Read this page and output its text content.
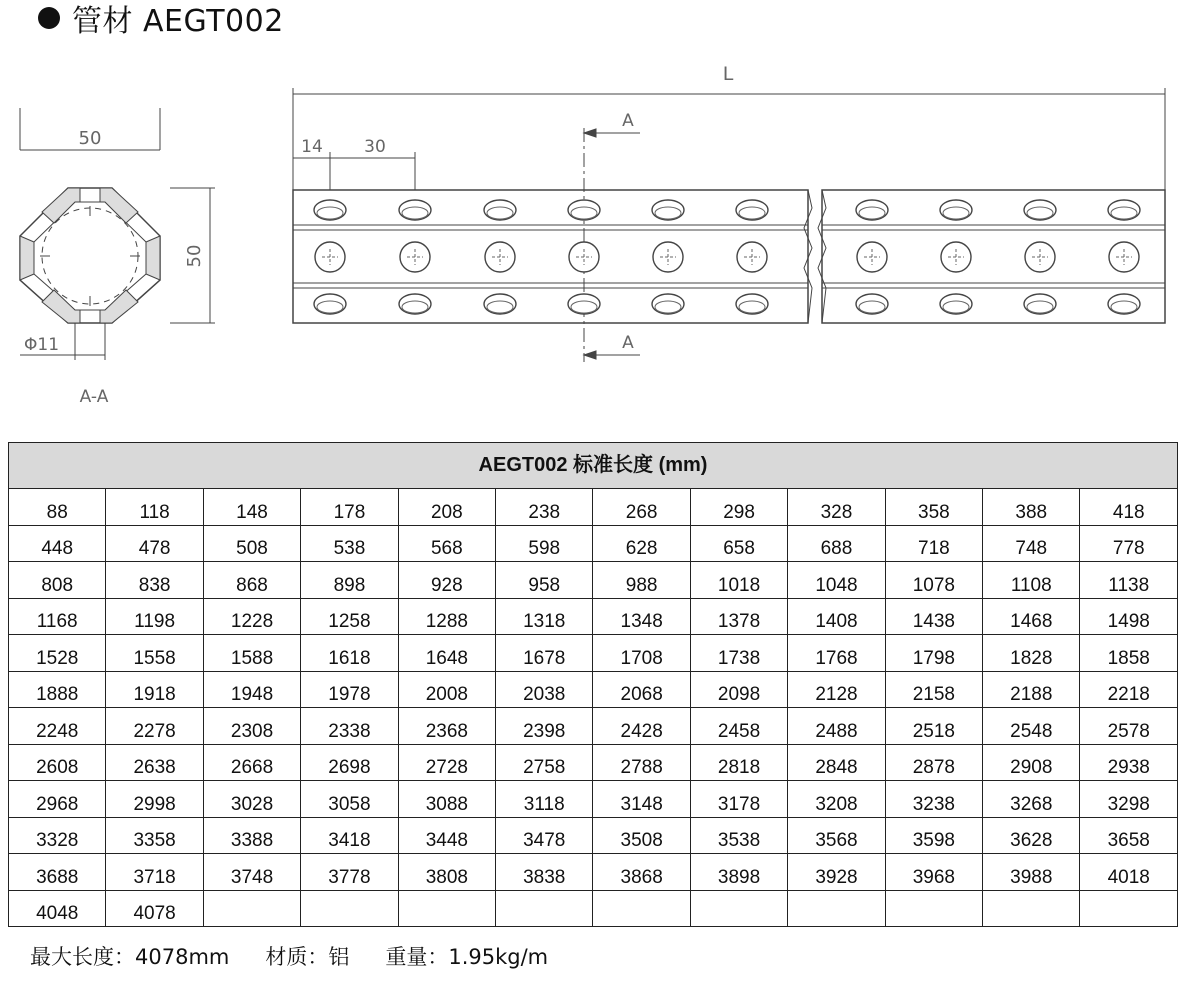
管材 AEGT002
50
50
Φ11
A-A
L
14 30
A
A
AEGT002 标准长度 (mm)											
88	118	148	178	208	238	268	298	328	358	388	418
448	478	508	538	568	598	628	658	688	718	748	778
808	838	868	898	928	958	988	1018	1048	1078	1108	1138
1168	1198	1228	1258	1288	1318	1348	1378	1408	1438	1468	1498
1528	1558	1588	1618	1648	1678	1708	1738	1768	1798	1828	1858
1888	1918	1948	1978	2008	2038	2068	2098	2128	2158	2188	2218
2248	2278	2308	2338	2368	2398	2428	2458	2488	2518	2548	2578
2608	2638	2668	2698	2728	2758	2788	2818	2848	2878	2908	2938
2968	2998	3028	3058	3088	3118	3148	3178	3208	3238	3268	3298
3328	3358	3388	3418	3448	3478	3508	3538	3568	3598	3628	3658
3688	3718	3748	3778	3808	3838	3868	3898	3928	3968	3988	4018
4048	4078										
最大长度：4078mm 材质：铝 重量：1.95kg/m
